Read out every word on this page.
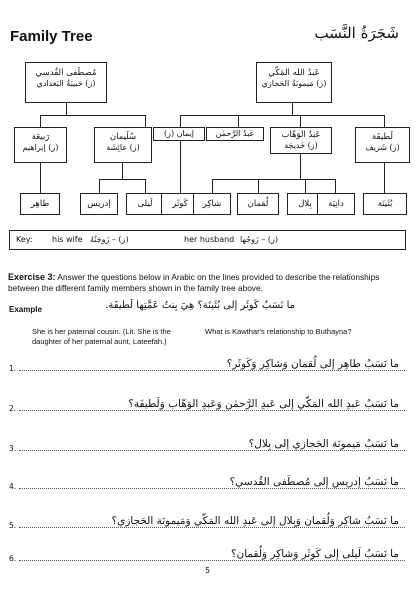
Family Tree	شَجَرَةُ النَّسَب
مُصطَفى القُدسي
(ز) حَبيبَةُ البَغدادي
عَبدُ الله المَكّي
(ز) مَيمونَةُ الحَجازي
رَبيعَة
(ز) إبراهيم
سُلَيمان
(ز) عائِشَة
إيمان (ز)	عَبدُ الرَّحمٰن	عَبدُ الوَهّاب
(ز) خَديجَة
لَطيفَة
(ز) شَريف
طاهِر	إدريس	لَيلى	كَوثَر	شاكِر	لُقمان	بِلال	دانِيَة	بُثَينَة
Key: his wife (ز) – زَوجَتُهُ	her husband (ز) – زَوجُها
Exercise 3: Answer the questions below in Arabic on the lines provided to describe the relationships between the different family members shown in the family tree above.
Example	ما نَسَبُ كَوثَر إلى بُثَينَة؟ هِيَ بِنتُ عَمَّتِها لَطيفَة.
She is her paternal cousin. (Lit. She is the daughter of her paternal aunt, Lateefah.)
What is Kawthar's relationship to Buthayna?
1.	ما نَسَبُ طاهِر إلى لُقمان وَشاكِر وَكَوثَر؟
2.	ما نَسَبُ عَبدِ الله المَكّي إلى عَبدِ الرَّحمٰن وَعَبدِ الوَهّاب وَلَطيفَة؟
3.	ما نَسَبُ مَيمونَة الحَجازي إلى بِلال؟
4.	ما نَسَبُ إدريس إلى مُصطَفى القُدسي؟
5.	ما نَسَبُ شاكِر وَلُقمان وَبِلال إلى عَبدِ الله المَكّي وَمَيمونَة الحَجازي؟
6.	ما نَسَبُ لَيلى إلى كَوثَر وَشاكِر وَلُقمان؟
5
